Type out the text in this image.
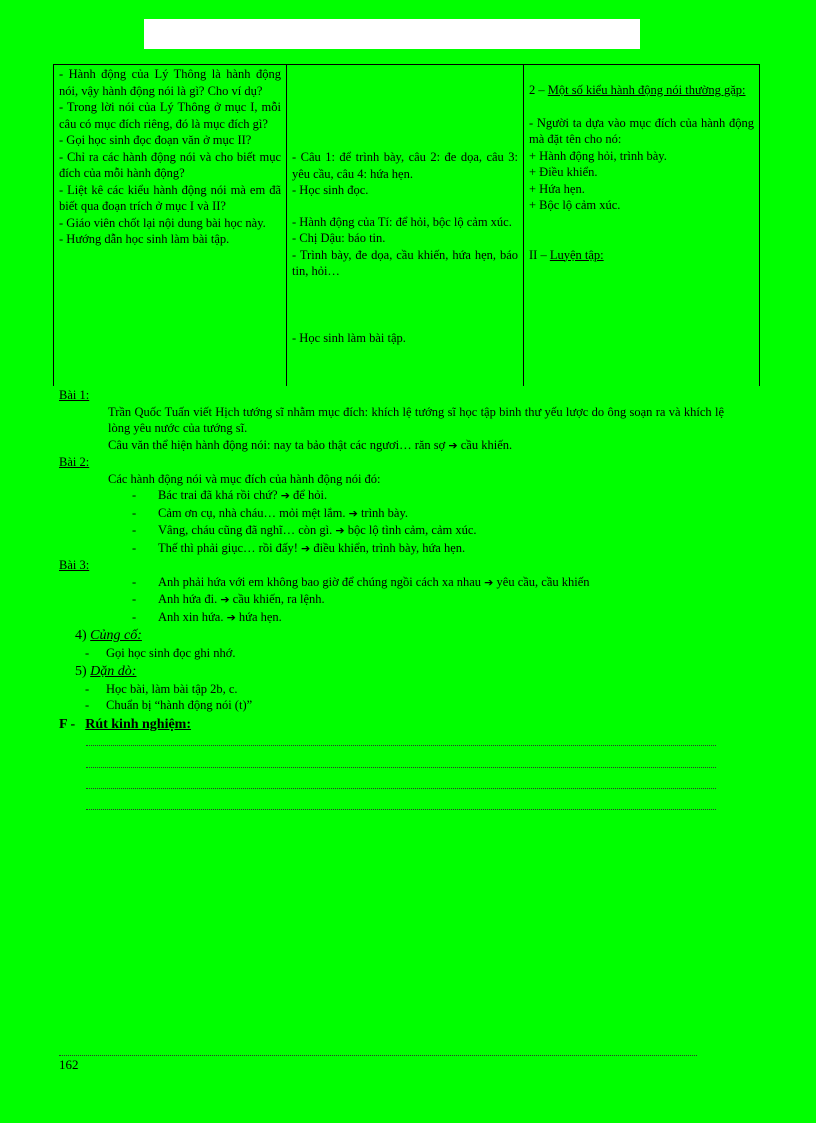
- Hành động của Lý Thông là hành động nói, vậy hành động nói là gì? Cho ví dụ?
- Trong lời nói của Lý Thông ở mục I, mỗi câu có mục đích riêng, đó là mục đích gì?
- Gọi học sinh đọc đoạn văn ở mục II?
- Chỉ ra các hành động nói và cho biết mục đích của mỗi hành động?
- Liệt kê các kiểu hành động nói mà em đã biết qua đoạn trích ở mục I và II?
- Giáo viên chốt lại nội dung bài học này.
- Hướng dẫn học sinh làm bài tập.

- Câu 1: để trình bày, câu 2: đe dọa, câu 3: yêu cầu, câu 4: hứa hẹn.
- Học sinh đọc.
- Hành động của Tí: để hỏi, bộc lộ cảm xúc.
- Chị Dậu: báo tin.
- Trình bày, đe dọa, cầu khiến, hứa hẹn, báo tin, hỏi…
- Học sinh làm bài tập.

2 – Một số kiểu hành động nói thường gặp:
- Người ta dựa vào mục đích của hành động mà đặt tên cho nó:
+ Hành động hỏi, trình bày.
+ Điều khiển.
+ Hứa hẹn.
+ Bộc lộ cảm xúc.
II – Luyện tập:
Bài 1:
Trần Quốc Tuấn viết Hịch tướng sĩ nhằm mục đích: khích lệ tướng sĩ học tập binh thư yếu lược do ông soạn ra và khích lệ lòng yêu nước của tướng sĩ.
Câu văn thể hiện hành động nói: nay ta bảo thật các ngươi… răn sợ ➔ cầu khiến.
Bài 2:
Các hành động nói và mục đích của hành động nói đó:
- Bác trai đã khá rồi chứ? ➔ để hỏi.
- Cảm ơn cụ, nhà cháu… mỏi mệt lắm. ➔ trình bày.
- Vâng, cháu cũng đã nghĩ… còn gì. ➔ bộc lộ tình cảm, cảm xúc.
- Thế thì phải giục… rồi đấy! ➔ điều khiển, trình bày, hứa hẹn.
Bài 3:
- Anh phải hứa với em không bao giờ để chúng ngồi cách xa nhau ➔ yêu cầu, cầu khiến
- Anh hứa đi. ➔ cầu khiến, ra lệnh.
- Anh xin hứa. ➔ hứa hẹn.
4) Củng cố:
- Gọi học sinh đọc ghi nhớ.
5) Dặn dò:
- Học bài, làm bài tập 2b, c.
- Chuẩn bị “hành động nói (t)”
F - Rút kinh nghiệm:
162
